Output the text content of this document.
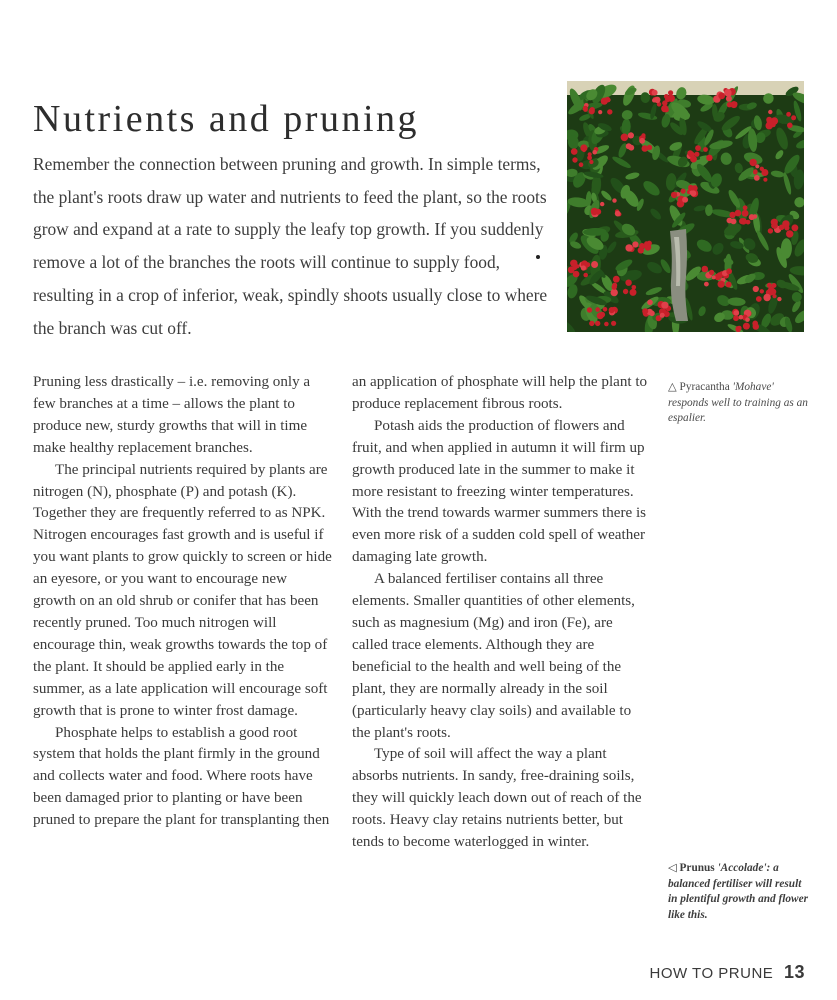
Nutrients and pruning
Remember the connection between pruning and growth. In simple terms, the plant's roots draw up water and nutrients to feed the plant, so the roots grow and expand at a rate to supply the leafy top growth. If you suddenly remove a lot of the branches the roots will continue to supply food, resulting in a crop of inferior, weak, spindly shoots usually close to where the branch was cut off.

Pruning less drastically – i.e. removing only a few branches at a time – allows the plant to produce new, sturdy growths that will in time make healthy replacement branches.

The principal nutrients required by plants are nitrogen (N), phosphate (P) and potash (K). Together they are frequently referred to as NPK. Nitrogen encourages fast growth and is useful if you want plants to grow quickly to screen or hide an eyesore, or you want to encourage new growth on an old shrub or conifer that has been recently pruned. Too much nitrogen will encourage thin, weak growths towards the top of the plant. It should be applied early in the summer, as a late application will encourage soft growth that is prone to winter frost damage.

Phosphate helps to establish a good root system that holds the plant firmly in the ground and collects water and food. Where roots have been damaged prior to planting or have been pruned to prepare the plant for transplanting then

an application of phosphate will help the plant to produce replacement fibrous roots.

Potash aids the production of flowers and fruit, and when applied in autumn it will firm up growth produced late in the summer to make it more resistant to freezing winter temperatures. With the trend towards warmer summers there is even more risk of a sudden cold spell of weather damaging late growth.

A balanced fertiliser contains all three elements. Smaller quantities of other elements, such as magnesium (Mg) and iron (Fe), are called trace elements. Although they are beneficial to the health and well being of the plant, they are normally already in the soil (particularly heavy clay soils) and available to the plant's roots.

Type of soil will affect the way a plant absorbs nutrients. In sandy, free-draining soils, they will quickly leach down out of reach of the roots. Heavy clay retains nutrients better, but tends to become waterlogged in winter.

△ Pyracantha 'Mohave' responds well to training as an espalier.
◁ Prunus 'Accolade': a balanced fertiliser will result in plentiful growth and flower like this.
HOW TO PRUNE 13
